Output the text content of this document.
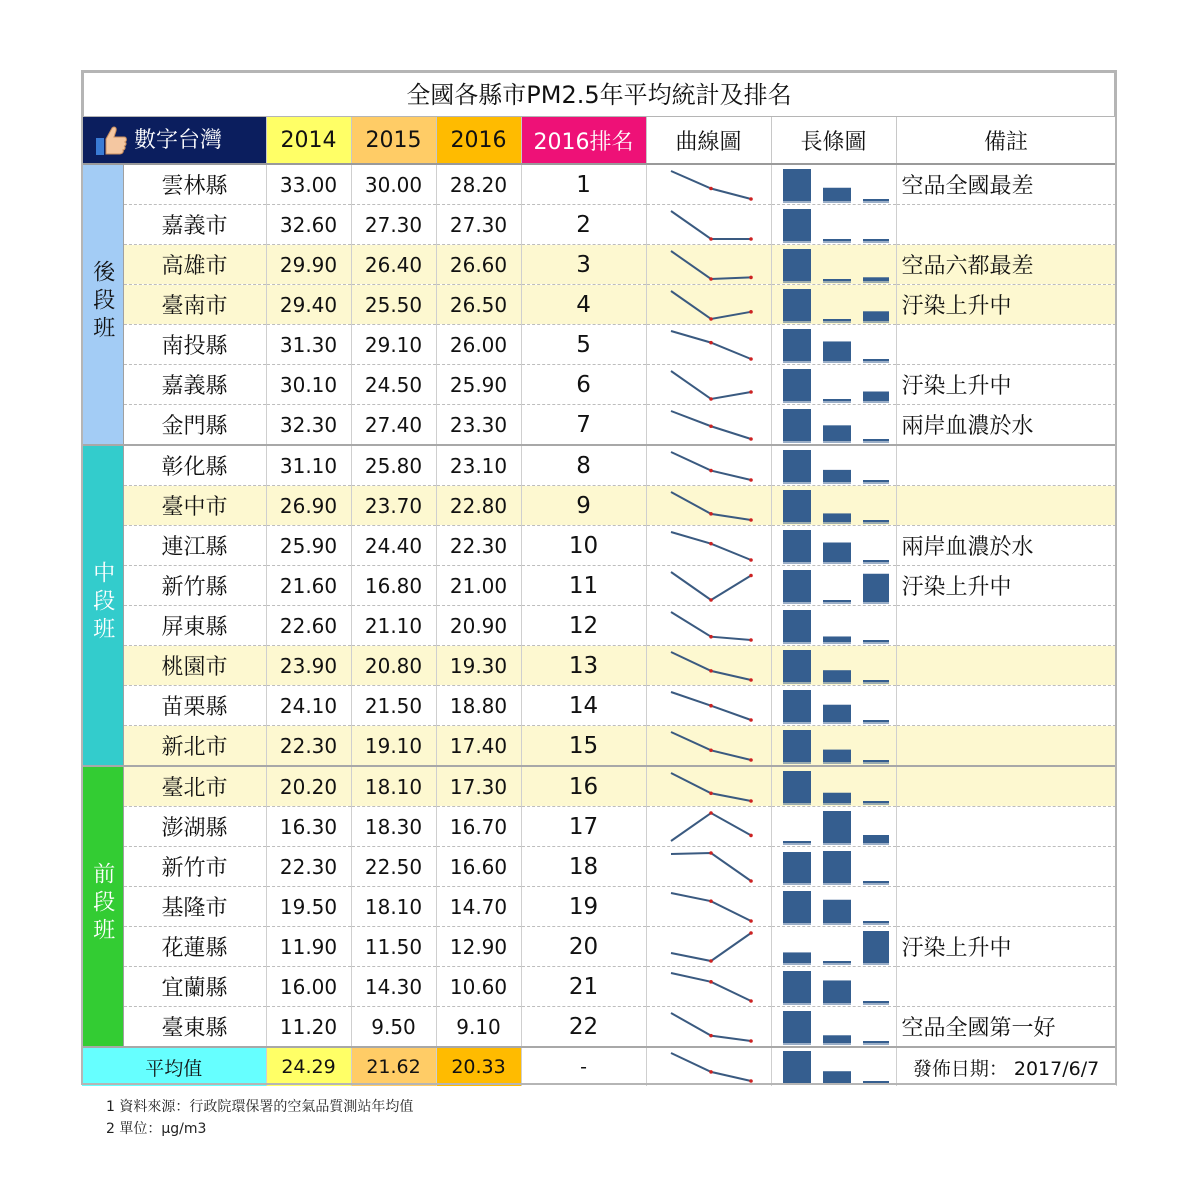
全國各縣市PM2.5年平均統計及排名
數字台灣		2014	2015	2016	2016排名	曲線圖	長條圖	備註
後段班	雲林縣	33.00	30.00	28.20	1			空品全國最差
	嘉義市	32.60	27.30	27.30	2	

	高雄市	29.90	26.40	26.60	3			空品六都最差
	臺南市	29.40	25.50	26.50	4			汙染上升中
	南投縣	31.30	29.10	26.00	5	

	嘉義縣	30.10	24.50	25.90	6			汙染上升中
	金門縣	32.30	27.40	23.30	7			兩岸血濃於水
中段班	彰化縣	31.10	25.80	23.10	8	

	臺中市	26.90	23.70	22.80	9	

	連江縣	25.90	24.40	22.30	10			兩岸血濃於水
	新竹縣	21.60	16.80	21.00	11			汙染上升中
	屏東縣	22.60	21.10	20.90	12	

	桃園市	23.90	20.80	19.30	13	

	苗栗縣	24.10	21.50	18.80	14	

	新北市	22.30	19.10	17.40	15	

前段班	臺北市	20.20	18.10	17.30	16	

	澎湖縣	16.30	18.30	16.70	17	

	新竹市	22.30	22.50	16.60	18	

	基隆市	19.50	18.10	14.70	19	

	花蓮縣	11.90	11.50	12.90	20			汙染上升中
	宜蘭縣	16.00	14.30	10.60	21	

	臺東縣	11.20	9.50	9.10	22			空品全國第一好
平均值		24.29	21.62	20.33	-			發佈日期： 2017/6/7
1 資料來源：行政院環保署的空氣品質測站年均值
2 單位：μg/m3
